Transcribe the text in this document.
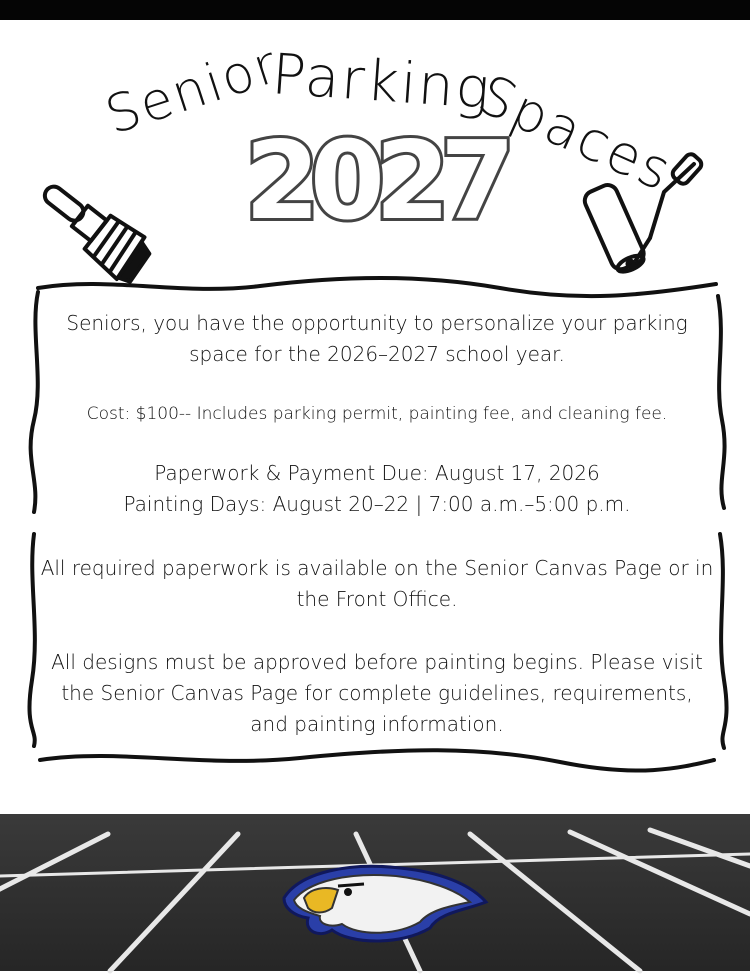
Senior
Parking
Spaces
2027

Seniors, you have the opportunity to personalize your parking space for the 2026–2027 school year.

Cost: $100-- Includes parking permit, painting fee, and cleaning fee.

Paperwork & Payment Due: August 17, 2026
Painting Days: August 20–22 | 7:00 a.m.–5:00 p.m.

All required paperwork is available on the Senior Canvas Page or in the Front Office.

All designs must be approved before painting begins. Please visit the Senior Canvas Page for complete guidelines, requirements, and painting information.
